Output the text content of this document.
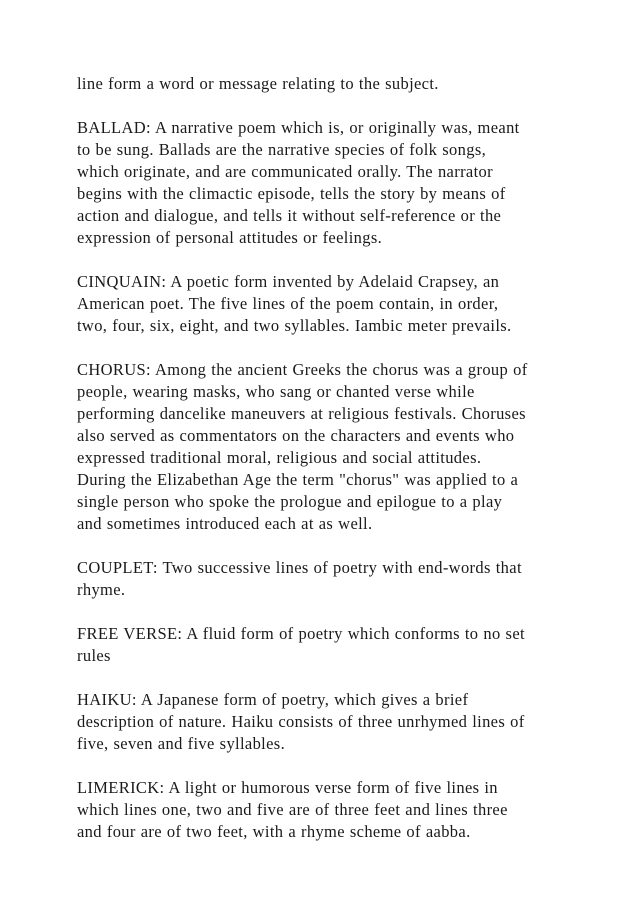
line form a word or message relating to the subject.
BALLAD: A narrative poem which is, or originally was, meant
to be sung. Ballads are the narrative species of folk songs,
which originate, and are communicated orally. The narrator
begins with the climactic episode, tells the story by means of
action and dialogue, and tells it without self-reference or the
expression of personal attitudes or feelings.
CINQUAIN: A poetic form invented by Adelaid Crapsey, an
American poet. The five lines of the poem contain, in order,
two, four, six, eight, and two syllables. Iambic meter prevails.
CHORUS: Among the ancient Greeks the chorus was a group of
people, wearing masks, who sang or chanted verse while
performing dancelike maneuvers at religious festivals. Choruses
also served as commentators on the characters and events who
expressed traditional moral, religious and social attitudes.
During the Elizabethan Age the term "chorus" was applied to a
single person who spoke the prologue and epilogue to a play
and sometimes introduced each at as well.
COUPLET: Two successive lines of poetry with end-words that
rhyme.
FREE VERSE: A fluid form of poetry which conforms to no set
rules
HAIKU: A Japanese form of poetry, which gives a brief
description of nature. Haiku consists of three unrhymed lines of
five, seven and five syllables.
LIMERICK: A light or humorous verse form of five lines in
which lines one, two and five are of three feet and lines three
and four are of two feet, with a rhyme scheme of aabba.
